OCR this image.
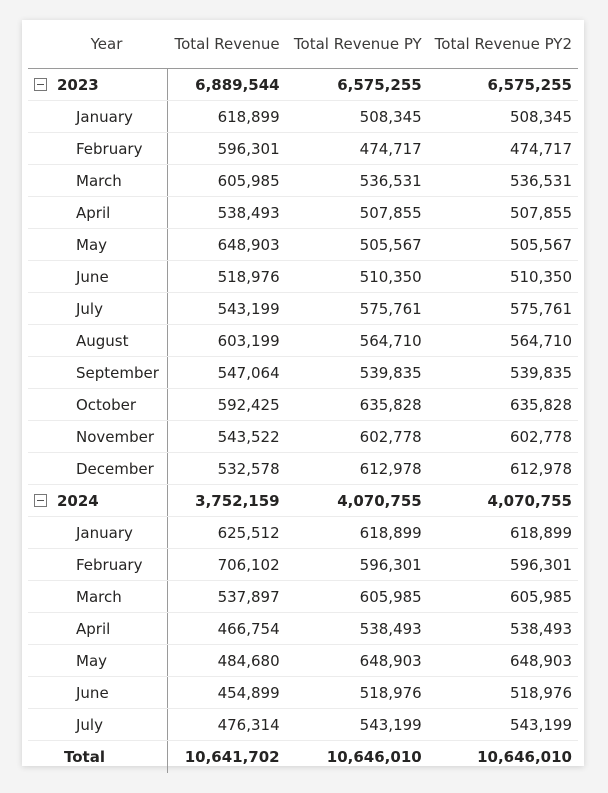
Year	Total Revenue	Total Revenue PY	Total Revenue PY2
2023	6,889,544	6,575,255	6,575,255
January	618,899	508,345	508,345
February	596,301	474,717	474,717
March	605,985	536,531	536,531
April	538,493	507,855	507,855
May	648,903	505,567	505,567
June	518,976	510,350	510,350
July	543,199	575,761	575,761
August	603,199	564,710	564,710
September	547,064	539,835	539,835
October	592,425	635,828	635,828
November	543,522	602,778	602,778
December	532,578	612,978	612,978
2024	3,752,159	4,070,755	4,070,755
January	625,512	618,899	618,899
February	706,102	596,301	596,301
March	537,897	605,985	605,985
April	466,754	538,493	538,493
May	484,680	648,903	648,903
June	454,899	518,976	518,976
July	476,314	543,199	543,199
Total	10,641,702	10,646,010	10,646,010
